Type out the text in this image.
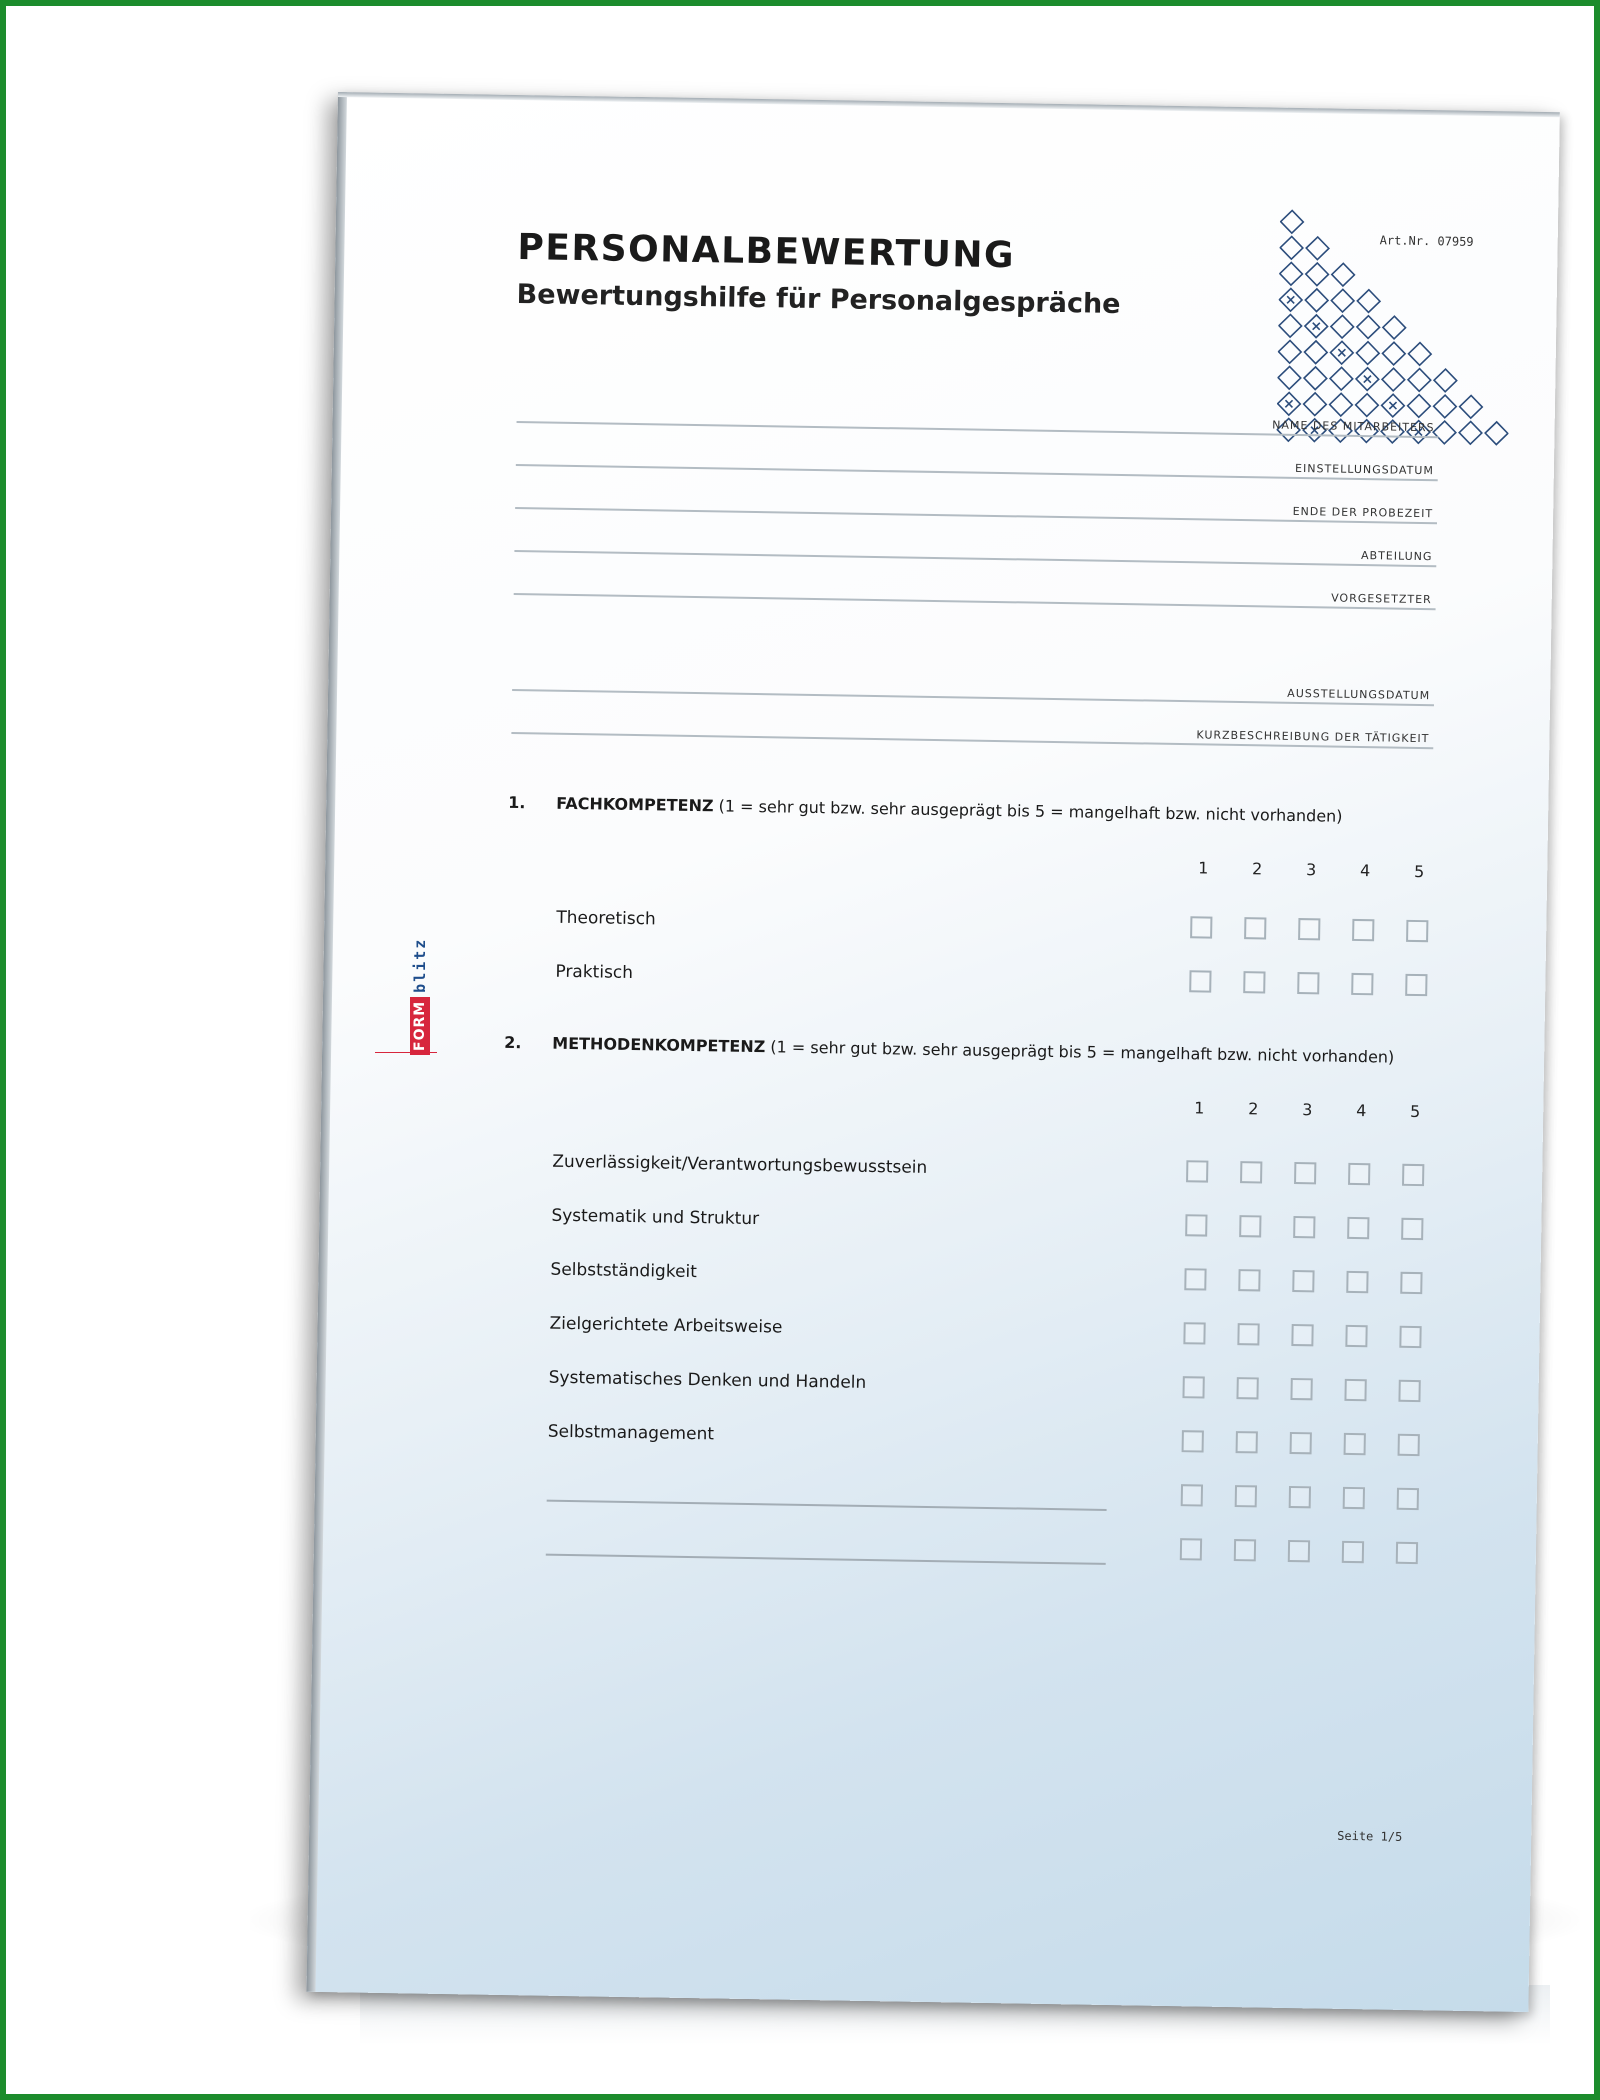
PERSONALBEWERTUNG
Bewertungshilfe für Personalgespräche
Art.Nr. 07959
NAME DES MITARBEITERS
EINSTELLUNGSDATUM
ENDE DER PROBEZEIT
ABTEILUNG
VORGESETZTER
AUSSTELLUNGSDATUM
KURZBESCHREIBUNG DER TÄTIGKEIT
1. FACHKOMPETENZ (1 = sehr gut bzw. sehr ausgeprägt bis 5 = mangelhaft bzw. nicht vorhanden)
1	2	3	4	5
Theoretisch
Praktisch
2. METHODENKOMPETENZ (1 = sehr gut bzw. sehr ausgeprägt bis 5 = mangelhaft bzw. nicht vorhanden)
1	2	3	4	5
Zuverlässigkeit/Verantwortungsbewusstsein
Systematik und Struktur
Selbstständigkeit
Zielgerichtete Arbeitsweise
Systematisches Denken und Handeln
Selbstmanagement
Seite 1/5
FORM
blitz
